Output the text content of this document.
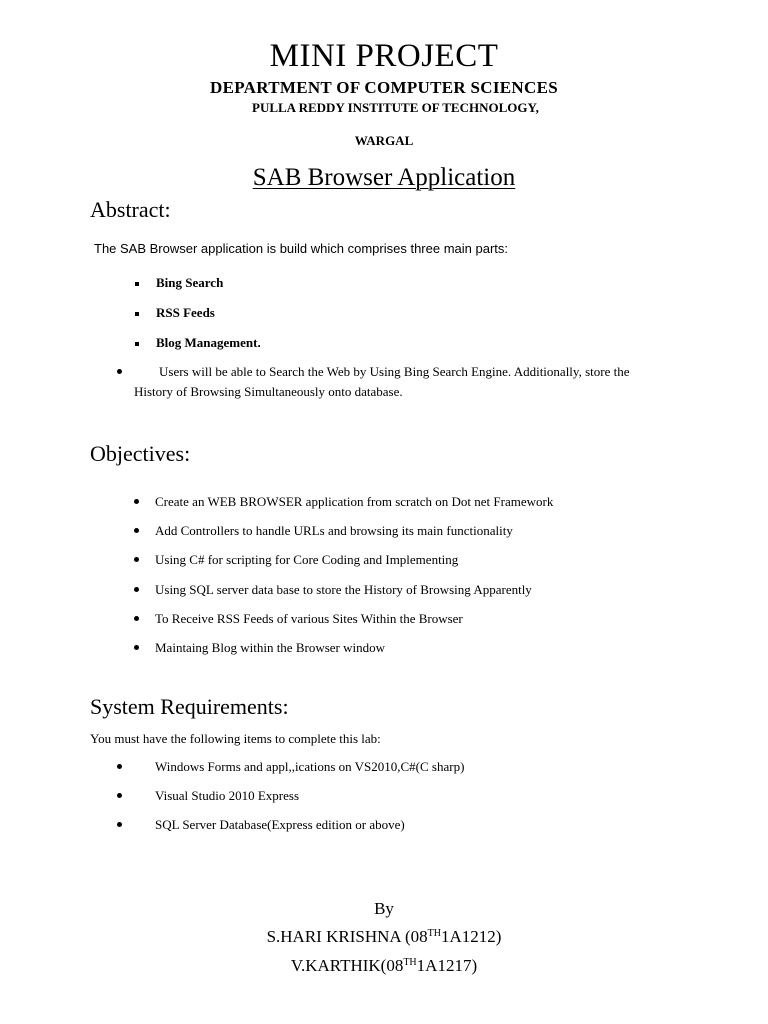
MINI PROJECT
DEPARTMENT OF COMPUTER SCIENCES
PULLA REDDY INSTITUTE OF TECHNOLOGY,
WARGAL
SAB Browser Application
Abstract:
The SAB Browser application is build which comprises three main parts:
Bing Search
RSS Feeds
Blog Management.
Users will be able to Search the Web by Using Bing Search Engine. Additionally, store the
History of Browsing Simultaneously onto database.
Objectives:
Create an WEB BROWSER application from scratch on Dot net Framework
Add Controllers to handle URLs and browsing its main functionality
Using C# for scripting for Core Coding and Implementing
Using SQL server data base to store the History of Browsing Apparently
To Receive RSS Feeds of various Sites Within the Browser
Maintaing Blog within the Browser window
System Requirements:
You must have the following items to complete this lab:
Windows Forms and appl,,ications on VS2010,C#(C sharp)
Visual Studio 2010 Express
SQL Server Database(Express edition or above)
By
S.HARI KRISHNA (08TH1A1212)
V.KARTHIK(08TH1A1217)
